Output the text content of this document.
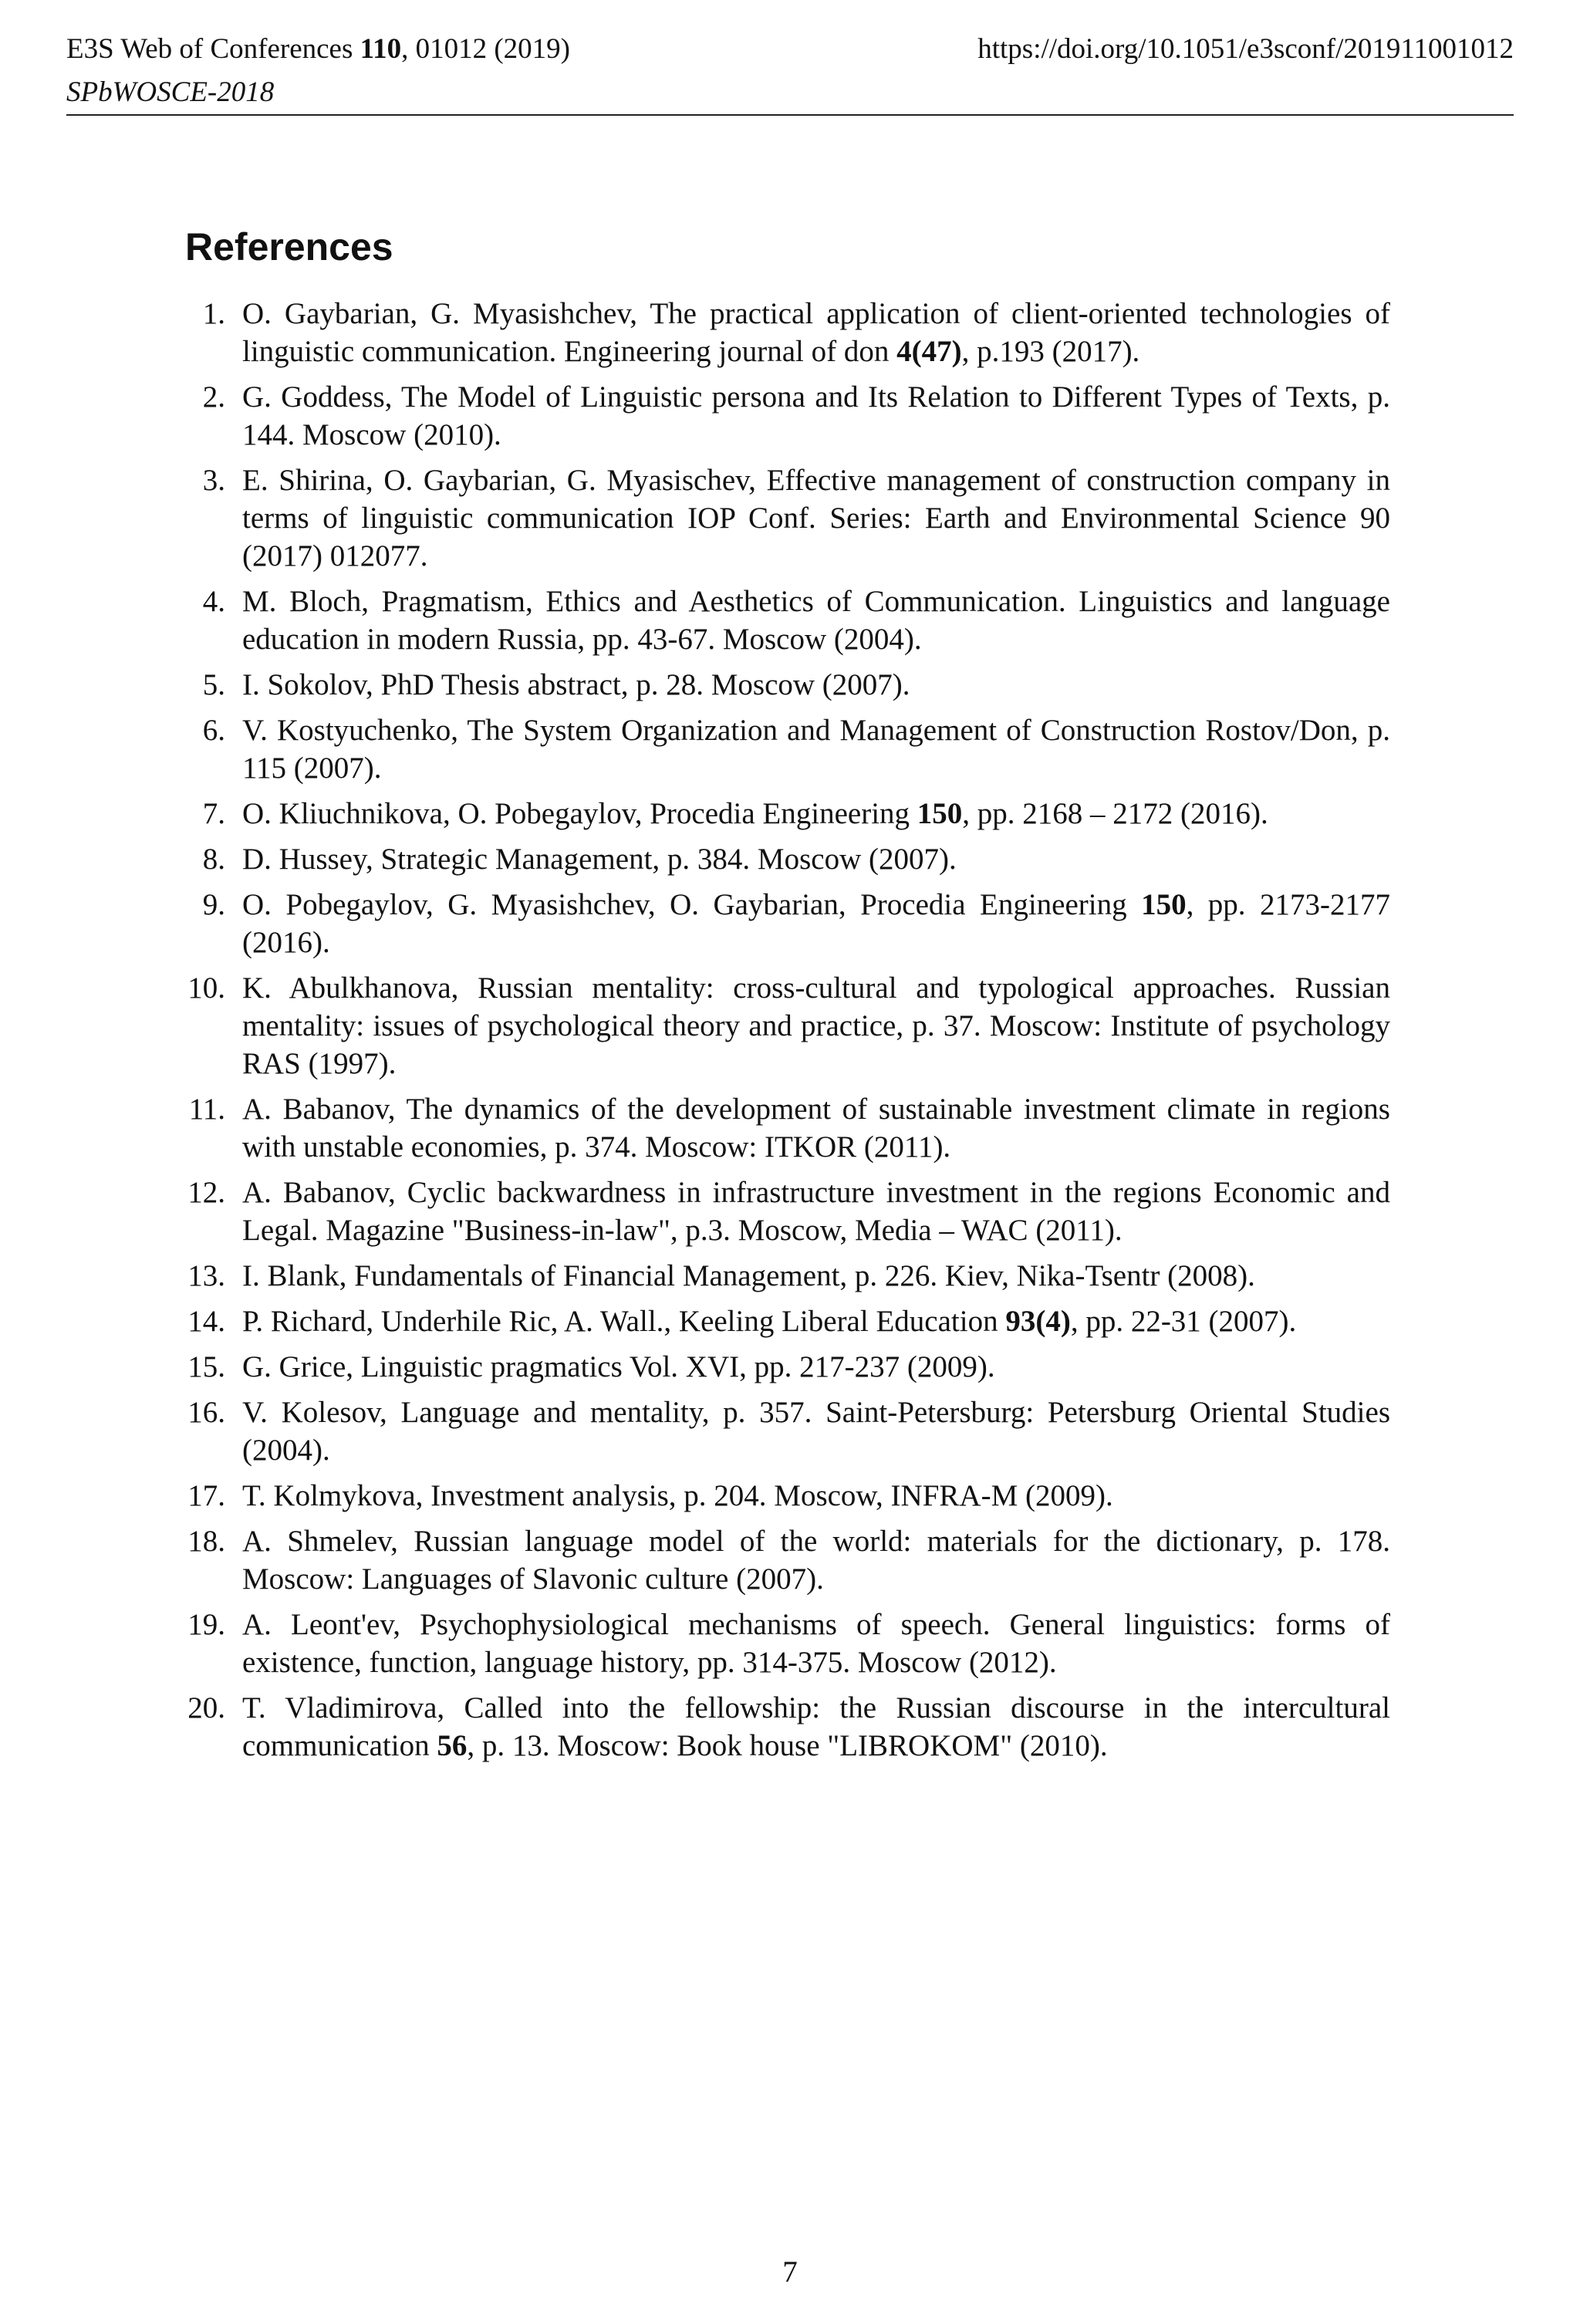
E3S Web of Conferences 110, 01012 (2019)	https://doi.org/10.1051/e3sconf/201911001012
SPbWOSCE-2018
References
1. O. Gaybarian, G. Myasishchev, The practical application of client-oriented technologies of linguistic communication. Engineering journal of don 4(47), p.193 (2017).
2. G. Goddess, The Model of Linguistic persona and Its Relation to Different Types of Texts, p. 144. Moscow (2010).
3. E. Shirina, O. Gaybarian, G. Myasischev, Effective management of construction company in terms of linguistic communication IOP Conf. Series: Earth and Environmental Science 90 (2017) 012077.
4. M. Bloch, Pragmatism, Ethics and Aesthetics of Communication. Linguistics and language education in modern Russia, pp. 43-67. Moscow (2004).
5. I. Sokolov, PhD Thesis abstract, p. 28. Moscow (2007).
6. V. Kostyuchenko, The System Organization and Management of Construction Rostov/Don, p. 115 (2007).
7. O. Kliuchnikova, O. Pobegaylov, Procedia Engineering 150, pp. 2168 – 2172 (2016).
8. D. Hussey, Strategic Management, p. 384. Moscow (2007).
9. O. Pobegaylov, G. Myasishchev, O. Gaybarian, Procedia Engineering 150, pp. 2173-2177 (2016).
10. K. Abulkhanova, Russian mentality: cross-cultural and typological approaches. Russian mentality: issues of psychological theory and practice, p. 37. Moscow: Institute of psychology RAS (1997).
11. A. Babanov, The dynamics of the development of sustainable investment climate in regions with unstable economies, p. 374. Moscow: ITKOR (2011).
12. A. Babanov, Cyclic backwardness in infrastructure investment in the regions Economic and Legal. Magazine "Business-in-law", p.3. Moscow, Media – WAC (2011).
13. I. Blank, Fundamentals of Financial Management, p. 226. Kiev, Nika-Tsentr (2008).
14. P. Richard, Underhile Ric, A. Wall., Keeling Liberal Education 93(4), pp. 22-31 (2007).
15. G. Grice, Linguistic pragmatics Vol. XVI, pp. 217-237 (2009).
16. V. Kolesov, Language and mentality, p. 357. Saint-Petersburg: Petersburg Oriental Studies (2004).
17. T. Kolmykova, Investment analysis, p. 204. Moscow, INFRA-M (2009).
18. A. Shmelev, Russian language model of the world: materials for the dictionary, p. 178. Moscow: Languages of Slavonic culture (2007).
19. A. Leont'ev, Psychophysiological mechanisms of speech. General linguistics: forms of existence, function, language history, pp. 314-375. Moscow (2012).
20. T. Vladimirova, Called into the fellowship: the Russian discourse in the intercultural communication 56, p. 13. Moscow: Book house "LIBROKOM" (2010).
7
